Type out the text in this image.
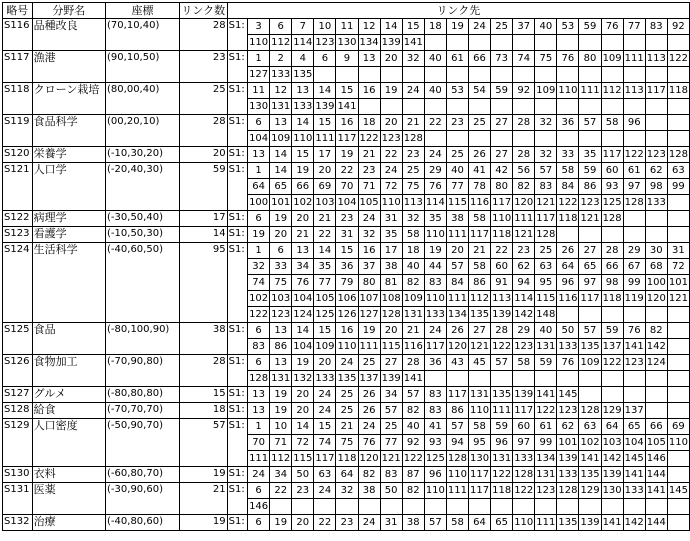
略号	分野名	座標	リンク数	リンク先																				
S116	品種改良	(70,10,40)	28	S1:	3	6	7	10	11	12	14	15	18	19	24	25	37	40	53	59	76	77	83	92
					110	112	114	123	130	134	139	141												
S117	漁港	(90,10,50)	23	S1:	1	2	4	6	9	13	20	32	40	61	66	73	74	75	76	80	109	111	113	122
					127	133	135																	
S118	クローン栽培	(80,00,40)	25	S1:	11	12	13	14	15	16	19	24	40	53	54	59	92	109	110	111	112	113	117	118
					130	131	133	139	141															
S119	食品科学	(00,20,10)	28	S1:	6	13	14	15	16	18	20	21	22	23	25	27	28	32	36	57	58	96		
					104	109	110	111	117	122	123	128												
S120	栄養学	(-10,30,20)	20	S1:	13	14	15	17	19	21	22	23	24	25	26	27	28	32	33	35	117	122	123	128
S121	人口学	(-20,40,30)	59	S1:	1	14	19	20	22	23	24	25	29	40	41	42	56	57	58	59	60	61	62	63
					64	65	66	69	70	71	72	75	76	77	78	80	82	83	84	86	93	97	98	99
					100	101	102	103	104	105	110	113	114	115	116	117	120	121	122	123	125	128	133	
S122	病理学	(-30,50,40)	17	S1:	6	19	20	21	23	24	31	32	35	38	58	110	111	117	118	121	128			
S123	看護学	(-10,50,30)	14	S1:	19	20	21	22	31	32	35	58	110	111	117	118	121	128						
S124	生活科学	(-40,60,50)	95	S1:	1	6	13	14	15	16	17	18	19	20	21	22	23	25	26	27	28	29	30	31
					32	33	34	35	36	37	38	40	44	57	58	60	62	63	64	65	66	67	68	72
					74	75	76	77	79	80	81	82	83	84	86	91	94	95	96	97	98	99	100	101
					102	103	104	105	106	107	108	109	110	111	112	113	114	115	116	117	118	119	120	121
					122	123	124	125	126	127	128	131	133	134	135	139	142	148						
S125	食品	(-80,100,90)	38	S1:	6	13	14	15	16	19	20	21	24	26	27	28	29	40	50	57	59	76	82	
					83	86	104	109	110	111	115	116	117	120	121	122	123	131	133	135	137	141	142	
S126	食物加工	(-70,90,80)	28	S1:	6	13	19	20	24	25	27	28	36	43	45	57	58	59	76	109	122	123	124	
					128	131	132	133	135	137	139	141												
S127	グルメ	(-80,80,80)	15	S1:	13	19	20	24	25	26	34	57	83	117	131	135	139	141	145					
S128	給食	(-70,70,70)	18	S1:	13	19	20	24	25	26	57	82	83	86	110	111	117	122	123	128	129	137		
S129	人口密度	(-50,90,70)	57	S1:	1	10	14	15	21	24	25	40	41	57	58	59	60	61	62	63	64	65	66	69
					70	71	72	74	75	76	77	92	93	94	95	96	97	99	101	102	103	104	105	110
					111	112	115	117	118	120	121	122	125	128	130	131	133	134	139	141	142	145	146	
S130	衣料	(-60,80,70)	19	S1:	24	34	50	63	64	82	83	87	96	110	117	122	128	131	133	135	139	141	144	
S131	医薬	(-30,90,60)	21	S1:	6	22	23	24	32	38	50	82	110	111	117	118	122	123	128	129	130	133	141	145
					146																			
S132	治療	(-40,80,60)	19	S1:	6	19	20	22	23	24	31	38	57	58	64	65	110	111	135	139	141	142	144	
